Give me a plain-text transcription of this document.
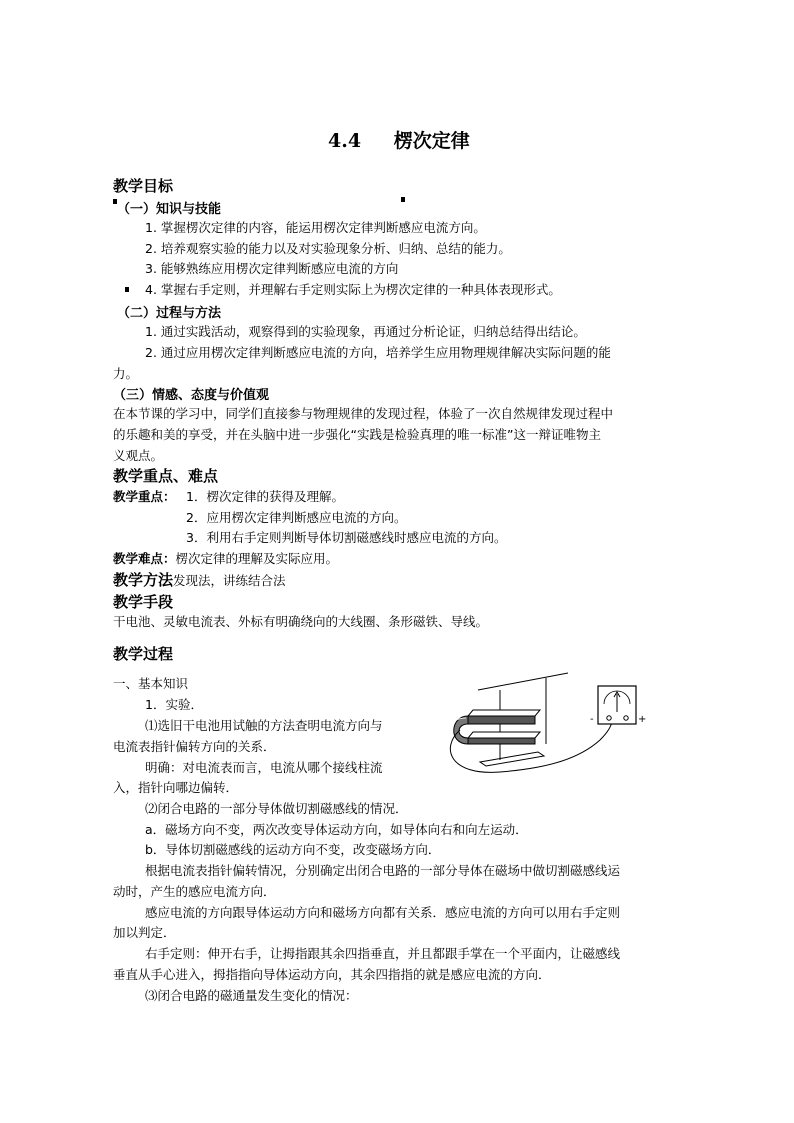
4.4 楞次定律
教学目标
（一）知识与技能
1. 掌握楞次定律的内容，能运用楞次定律判断感应电流方向。
2. 培养观察实验的能力以及对实验现象分析、归纳、总结的能力。
3. 能够熟练应用楞次定律判断感应电流的方向
4. 掌握右手定则，并理解右手定则实际上为楞次定律的一种具体表现形式。
（二）过程与方法
1. 通过实践活动，观察得到的实验现象，再通过分析论证，归纳总结得出结论。
2. 通过应用楞次定律判断感应电流的方向，培养学生应用物理规律解决实际问题的能
力。
（三）情感、态度与价值观
在本节课的学习中，同学们直接参与物理规律的发现过程，体验了一次自然规律发现过程中
的乐趣和美的享受，并在头脑中进一步强化“实践是检验真理的唯一标准”这一辩证唯物主
义观点。
教学重点、难点
教学重点： 1．楞次定律的获得及理解。
2．应用楞次定律判断感应电流的方向。
3．利用右手定则判断导体切割磁感线时感应电流的方向。
教学难点：楞次定律的理解及实际应用。
教学方法发现法，讲练结合法
教学手段
干电池、灵敏电流表、外标有明确绕向的大线圈、条形磁铁、导线。
教学过程
一、基本知识
1．实验．
⑴选旧干电池用试触的方法查明电流方向与
电流表指针偏转方向的关系．
明确：对电流表而言，电流从哪个接线柱流
入，指针向哪边偏转．
⑵闭合电路的一部分导体做切割磁感线的情况．
a．磁场方向不变，两次改变导体运动方向，如导体向右和向左运动．
b．导体切割磁感线的运动方向不变，改变磁场方向．
根据电流表指针偏转情况，分别确定出闭合电路的一部分导体在磁场中做切割磁感线运
动时，产生的感应电流方向．
感应电流的方向跟导体运动方向和磁场方向都有关系．感应电流的方向可以用右手定则
加以判定．
右手定则：伸开右手，让拇指跟其余四指垂直，并且都跟手掌在一个平面内，让磁感线
垂直从手心进入，拇指指向导体运动方向，其余四指指的就是感应电流的方向．
⑶闭合电路的磁通量发生变化的情况：
-	+
